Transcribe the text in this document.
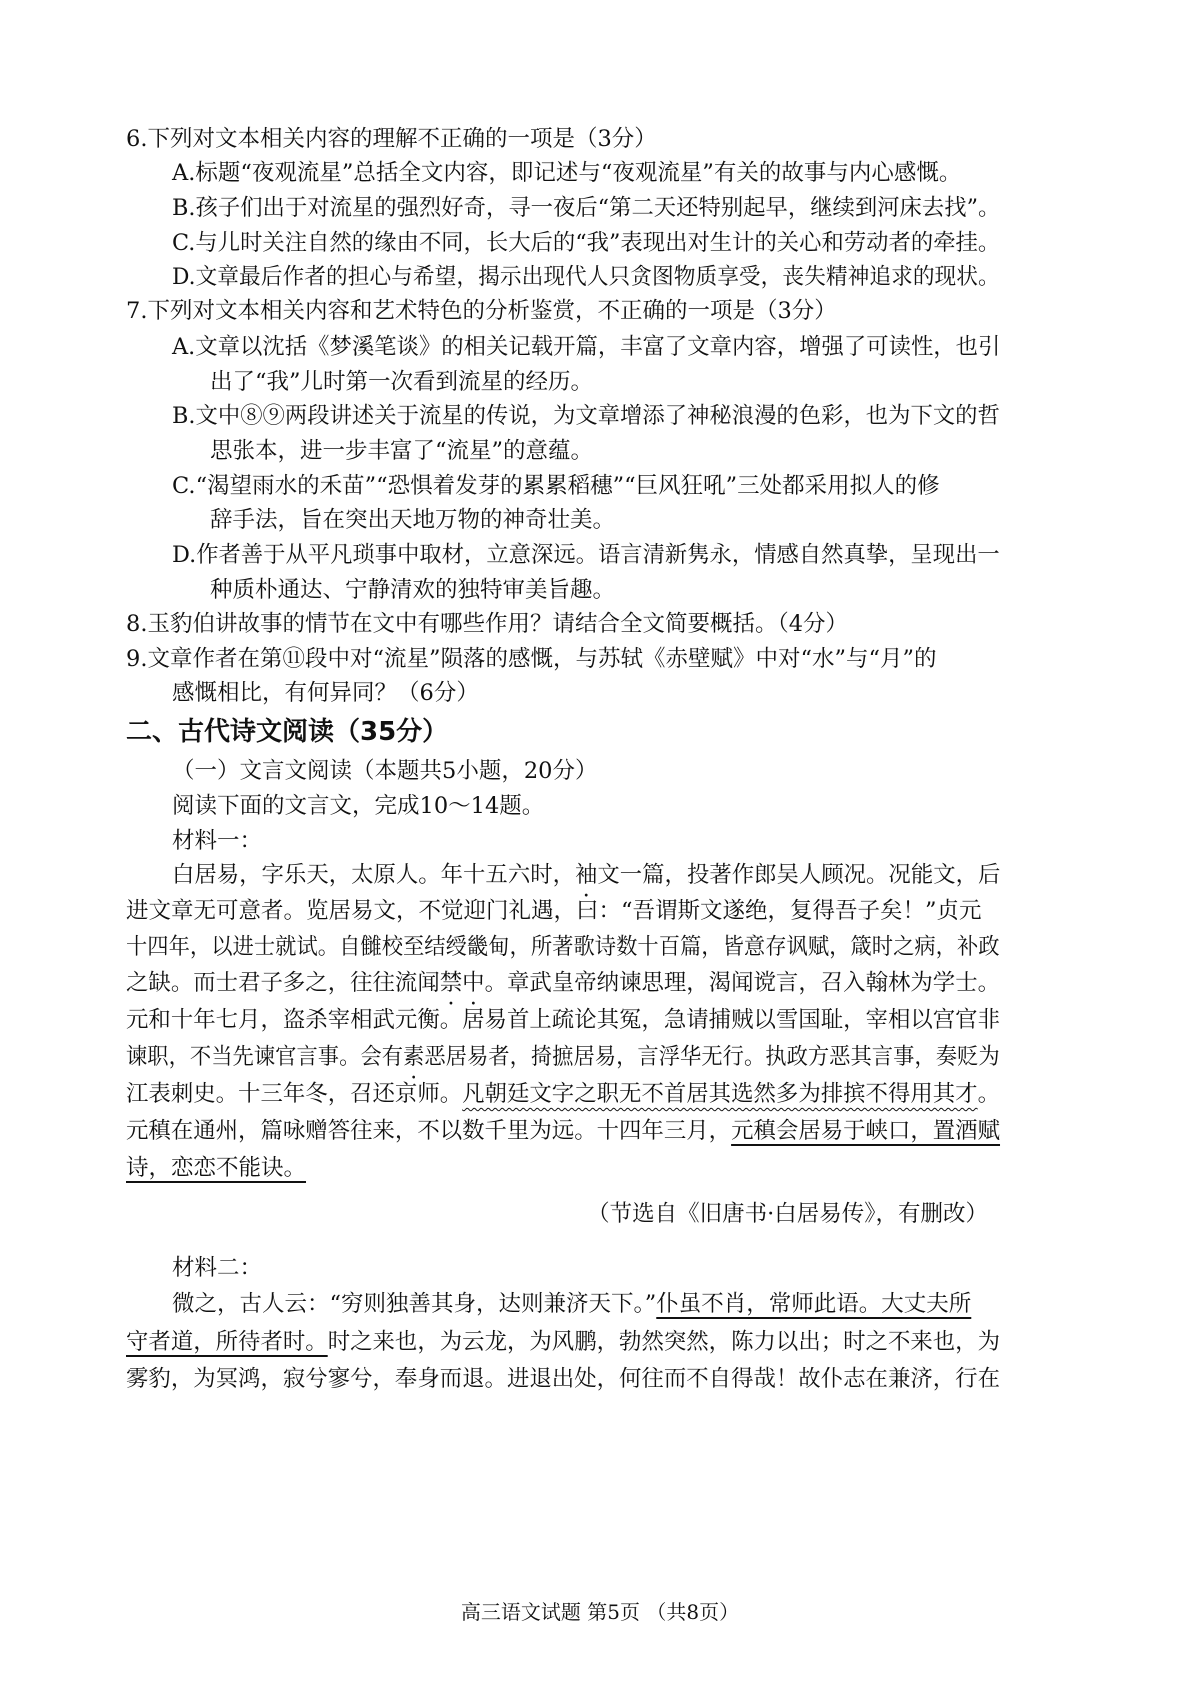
6.下列对文本相关内容的理解不正确的一项是（3分）
A.标题“夜观流星”总括全文内容，即记述与“夜观流星”有关的故事与内心感慨。
B.孩子们出于对流星的强烈好奇，寻一夜后“第二天还特别起早，继续到河床去找”。
C.与儿时关注自然的缘由不同，长大后的“我”表现出对生计的关心和劳动者的牵挂。
D.文章最后作者的担心与希望，揭示出现代人只贪图物质享受，丧失精神追求的现状。
7.下列对文本相关内容和艺术特色的分析鉴赏，不正确的一项是（3分）
A.文章以沈括《梦溪笔谈》的相关记载开篇，丰富了文章内容，增强了可读性，也引
出了“我”儿时第一次看到流星的经历。
B.文中⑧⑨两段讲述关于流星的传说，为文章增添了神秘浪漫的色彩，也为下文的哲
思张本，进一步丰富了“流星”的意蕴。
C.“渴望雨水的禾苗”“恐惧着发芽的累累稻穗”“巨风狂吼”三处都采用拟人的修
辞手法，旨在突出天地万物的神奇壮美。
D.作者善于从平凡琐事中取材，立意深远。语言清新隽永，情感自然真挚，呈现出一
种质朴通达、宁静清欢的独特审美旨趣。
8.玉豹伯讲故事的情节在文中有哪些作用？请结合全文简要概括。（4分）
9.文章作者在第⑪段中对“流星”陨落的感慨，与苏轼《赤壁赋》中对“水”与“月”的
感慨相比，有何异同？（6分）
二、古代诗文阅读（35分）
（一）文言文阅读（本题共5小题，20分）
阅读下面的文言文，完成10～14题。
材料一：
白居易，字乐天，太原人。年十五六时，袖文一篇，投著作郎吴人顾况。况能文，后
进文章无可意者。览居易文，不觉迎门礼遇，曰：“吾谓斯文遂绝，复得吾子矣！”贞元
十四年，以进士就试。自雠校至结绶畿甸，所著歌诗数十百篇，皆意存讽赋，箴时之病，补政
之缺。而士君子多之，往往流闻禁中。章武皇帝纳谏思理，渴闻谠言，召入翰林为学士。
元和十年七月，盗杀宰相武元衡。居易首上疏论其冤，急请捕贼以雪国耻，宰相以宫官非
谏职，不当先谏官言事。会有素恶居易者，掎摭居易，言浮华无行。执政方恶其言事，奏贬为
江表刺史。十三年冬，召还京师。凡朝廷文字之职无不首居其选然多为排摈不得用其才。
元稹在通州，篇咏赠答往来，不以数千里为远。十四年三月，元稹会居易于峡口，置酒赋
诗，恋恋不能诀。
（节选自《旧唐书·白居易传》，有删改）
材料二：
微之，古人云：“穷则独善其身，达则兼济天下。”仆虽不肖，常师此语。大丈夫所
守者道，所待者时。时之来也，为云龙，为风鹏，勃然突然，陈力以出；时之不来也，为
雾豹，为冥鸿，寂兮寥兮，奉身而退。进退出处，何往而不自得哉！故仆志在兼济，行在
高三语文试题 第5页 （共8页）
